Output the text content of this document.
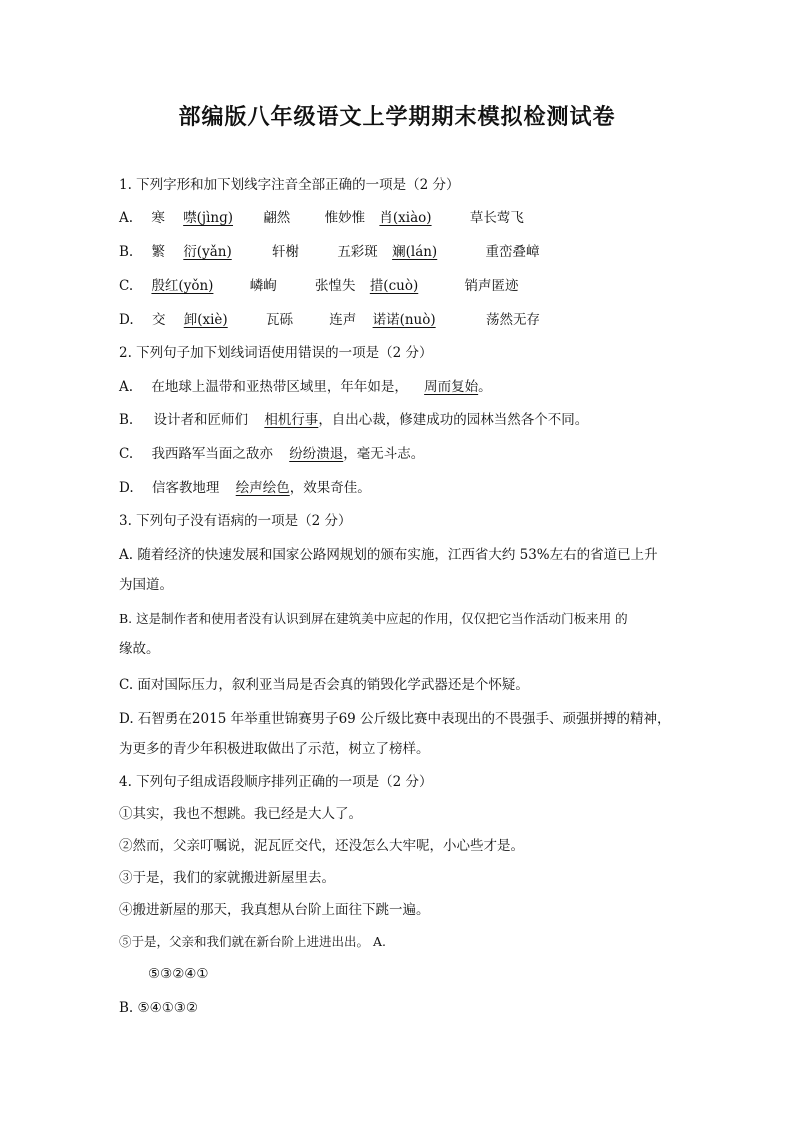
部编版八年级语文上学期期末模拟检测试卷
1. 下列字形和加下划线字注音全部正确的一项是（2 分）
A. 寒 噤(jìnɡ) 翩然	惟妙惟 肖(xiào)	草长莺飞
B. 繁 衍(yǎn)	轩榭	五彩斑 斓(lán)	重峦叠嶂
C. 殷红(yǒn)	嶙峋	张惶失 措(cuò)	销声匿迹
D. 交 卸(xiè)	瓦砾	连声 诺诺(nuò)	荡然无存
2. 下列句子加下划线词语使用错误的一项是（2 分）
A. 在地球上温带和亚热带区域里，年年如是， 周而复始。
B. 设计者和匠师们 相机行事，自出心裁，修建成功的园林当然各个不同。
C. 我西路军当面之敌亦 纷纷溃退，毫无斗志。
D. 信客教地理 绘声绘色，效果奇佳。
3. 下列句子没有语病的一项是（2 分）
A. 随着经济的快速发展和国家公路网规划的颁布实施，江西省大约 53%左右的省道已上升
为国道。
B. 这是制作者和使用者没有认识到屏在建筑美中应起的作用，仅仅把它当作活动门板来用 的
缘故。
C. 面对国际压力，叙利亚当局是否会真的销毁化学武器还是个怀疑。
D. 石智勇在2015 年举重世锦赛男子69 公斤级比赛中表现出的不畏强手、顽强拼搏的精神，
为更多的青少年积极进取做出了示范，树立了榜样。
4. 下列句子组成语段顺序排列正确的一项是（2 分）
①其实，我也不想跳。我已经是大人了。
②然而，父亲叮嘱说，泥瓦匠交代，还没怎么大牢呢，小心些才是。
③于是，我们的家就搬进新屋里去。
④搬进新屋的那天，我真想从台阶上面往下跳一遍。
⑤于是，父亲和我们就在新台阶上进进出出。 A.
⑤③②④①
B. ⑤④①③②
